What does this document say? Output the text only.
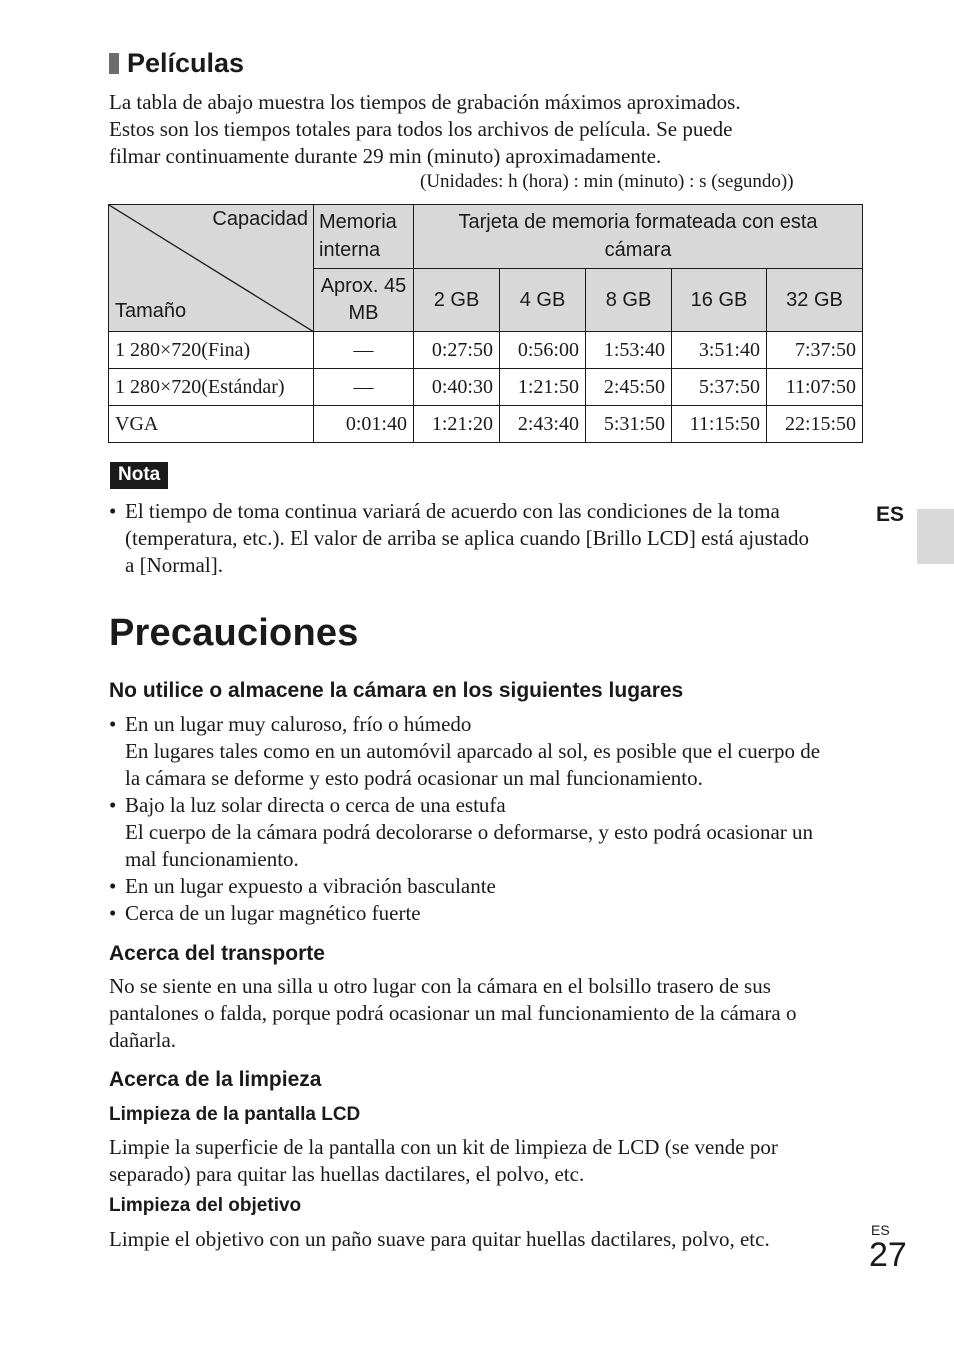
Películas
La tabla de abajo muestra los tiempos de grabación máximos aproximados.
Estos son los tiempos totales para todos los archivos de película. Se puede
filmar continuamente durante 29 min (minuto) aproximadamente.
(Unidades: h (hora) : min (minuto) : s (segundo))
Capacidad
Tamaño	Memoria interna	Tarjeta de memoria formateada con esta cámara				
	Aprox. 45 MB	2 GB	4 GB	8 GB	16 GB	32 GB
1 280×720(Fina)	—	0:27:50	0:56:00	1:53:40	3:51:40	7:37:50
1 280×720(Estándar)	—	0:40:30	1:21:50	2:45:50	5:37:50	11:07:50
VGA	0:01:40	1:21:20	2:43:40	5:31:50	11:15:50	22:15:50
Nota
• El tiempo de toma continua variará de acuerdo con las condiciones de la toma
(temperatura, etc.). El valor de arriba se aplica cuando [Brillo LCD] está ajustado
a [Normal].
ES
Precauciones
No utilice o almacene la cámara en los siguientes lugares
• En un lugar muy caluroso, frío o húmedo
En lugares tales como en un automóvil aparcado al sol, es posible que el cuerpo de
la cámara se deforme y esto podrá ocasionar un mal funcionamiento.
• Bajo la luz solar directa o cerca de una estufa
El cuerpo de la cámara podrá decolorarse o deformarse, y esto podrá ocasionar un
mal funcionamiento.
• En un lugar expuesto a vibración basculante
• Cerca de un lugar magnético fuerte
Acerca del transporte
No se siente en una silla u otro lugar con la cámara en el bolsillo trasero de sus
pantalones o falda, porque podrá ocasionar un mal funcionamiento de la cámara o
dañarla.
Acerca de la limpieza
Limpieza de la pantalla LCD
Limpie la superficie de la pantalla con un kit de limpieza de LCD (se vende por
separado) para quitar las huellas dactilares, el polvo, etc.
Limpieza del objetivo
Limpie el objetivo con un paño suave para quitar huellas dactilares, polvo, etc.	ES
27
